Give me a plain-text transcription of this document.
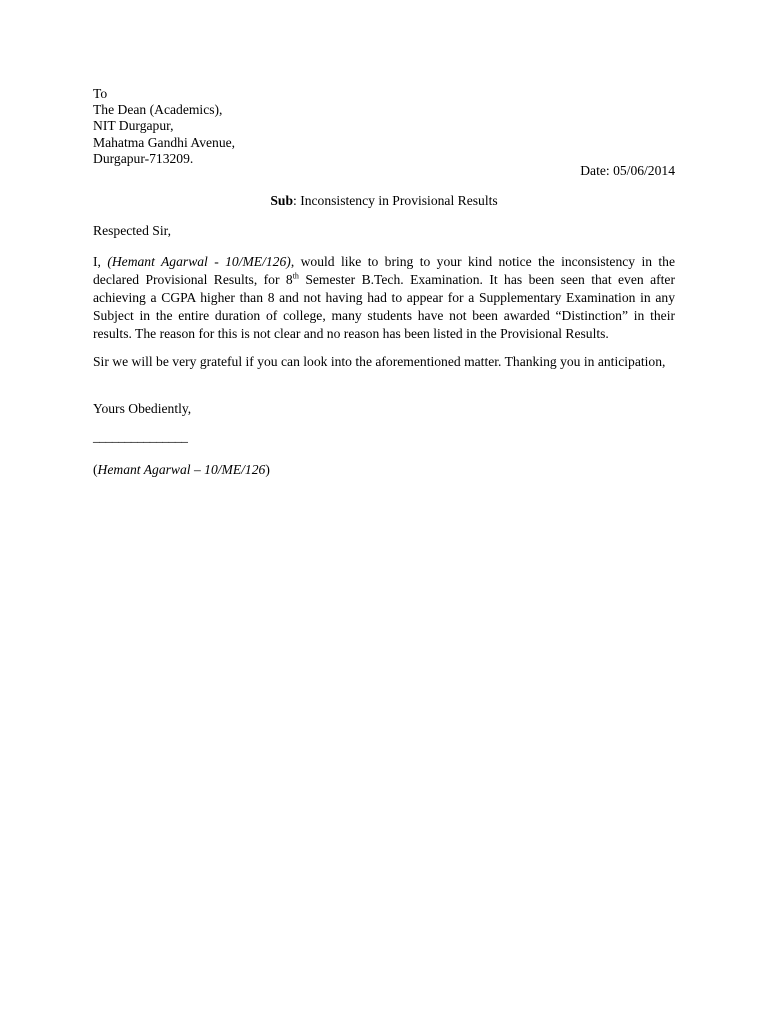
To
The Dean (Academics),
NIT Durgapur,
Mahatma Gandhi Avenue,
Durgapur-713209.
Date: 05/06/2014
Sub: Inconsistency in Provisional Results
Respected Sir,
I, (Hemant Agarwal - 10/ME/126), would like to bring to your kind notice the inconsistency in the declared Provisional Results, for 8th Semester B.Tech. Examination. It has been seen that even after achieving a CGPA higher than 8 and not having had to appear for a Supplementary Examination in any Subject in the entire duration of college, many students have not been awarded “Distinction” in their results. The reason for this is not clear and no reason has been listed in the Provisional Results.
Sir we will be very grateful if you can look into the aforementioned matter. Thanking you in anticipation,
Yours Obediently,
_______________
(Hemant Agarwal – 10/ME/126)
